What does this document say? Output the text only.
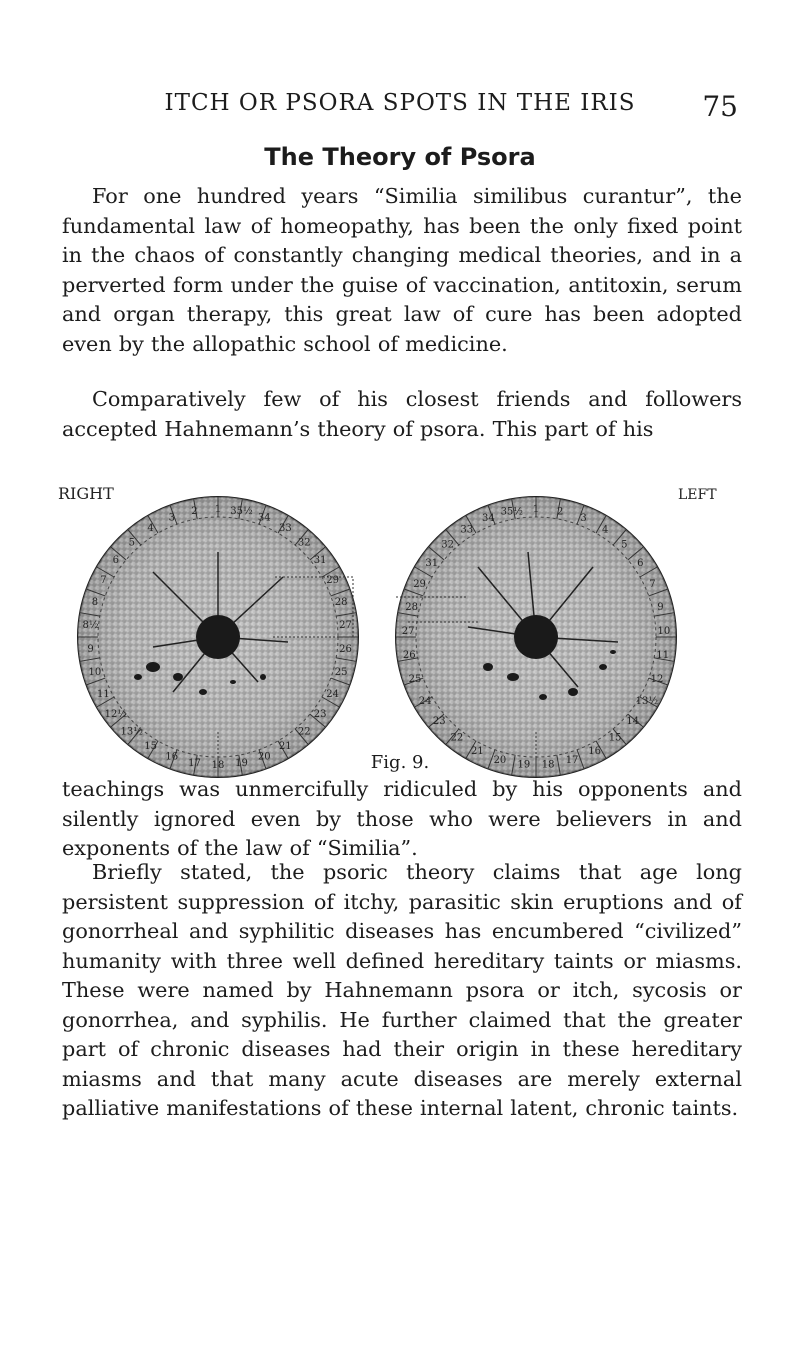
ITCH OR PSORA SPOTS IN THE IRIS	75
The Theory of Psora

For one hundred years “Similia similibus curantur”, the fundamental law of homeopathy, has been the only fixed point in the chaos of constantly changing medical theories, and in a perverted form under the guise of vaccination, antitoxin, serum and organ therapy, this great law of cure has been adopted even by the allopathic school of medicine.

Comparatively few of his closest friends and followers accepted Hahnemann’s theory of psora. This part of his

RIGHT	LEFT
1
2
3
4
5
6
7
8
8½
9
10
11
12½
13½
15
16
17 18 19
20
21
22
23
24
25
26
27
28
29
31
32
33
34
35½	1 2
3
4
5
6
7
9
10
11
12
13½
14
15
16
17
18
19
20
21
22
23
24
25
26
27
28
29
31
32
33
34
35½
Fig. 9.

teachings was unmercifully ridiculed by his opponents and silently ignored even by those who were believers in and exponents of the law of “Similia”.

Briefly stated, the psoric theory claims that age long persistent suppression of itchy, parasitic skin eruptions and of gonorrheal and syphilitic diseases has encumbered “civilized” humanity with three well defined hereditary taints or miasms. These were named by Hahnemann psora or itch, sycosis or gonorrhea, and syphilis. He further claimed that the greater part of chronic diseases had their origin in these hereditary miasms and that many acute diseases are merely external palliative manifestations of these internal latent, chronic taints.
